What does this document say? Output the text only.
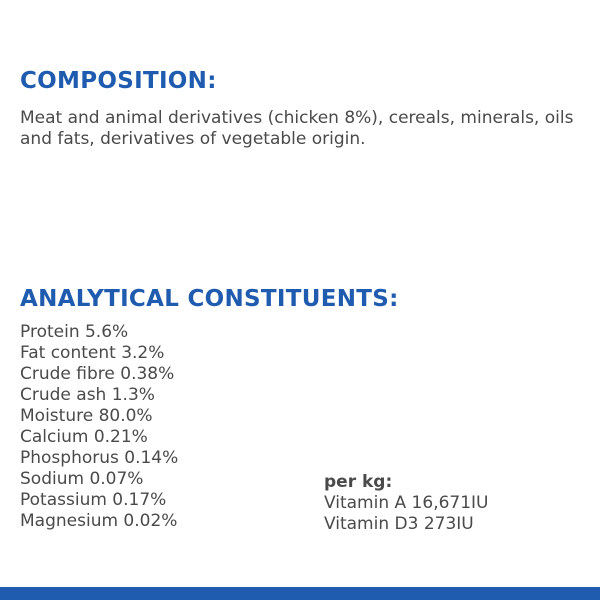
COMPOSITION:

Meat and animal derivatives (chicken 8%), cereals, minerals, oils and fats, derivatives of vegetable origin.

ANALYTICAL CONSTITUENTS:
Protein 5.6%
Fat content 3.2%
Crude fibre 0.38%
Crude ash 1.3%
Moisture 80.0%
Calcium 0.21%
Phosphorus 0.14%
Sodium 0.07%
Potassium 0.17%
Magnesium 0.02%
per kg:
Vitamin A 16,671IU
Vitamin D3 273IU
